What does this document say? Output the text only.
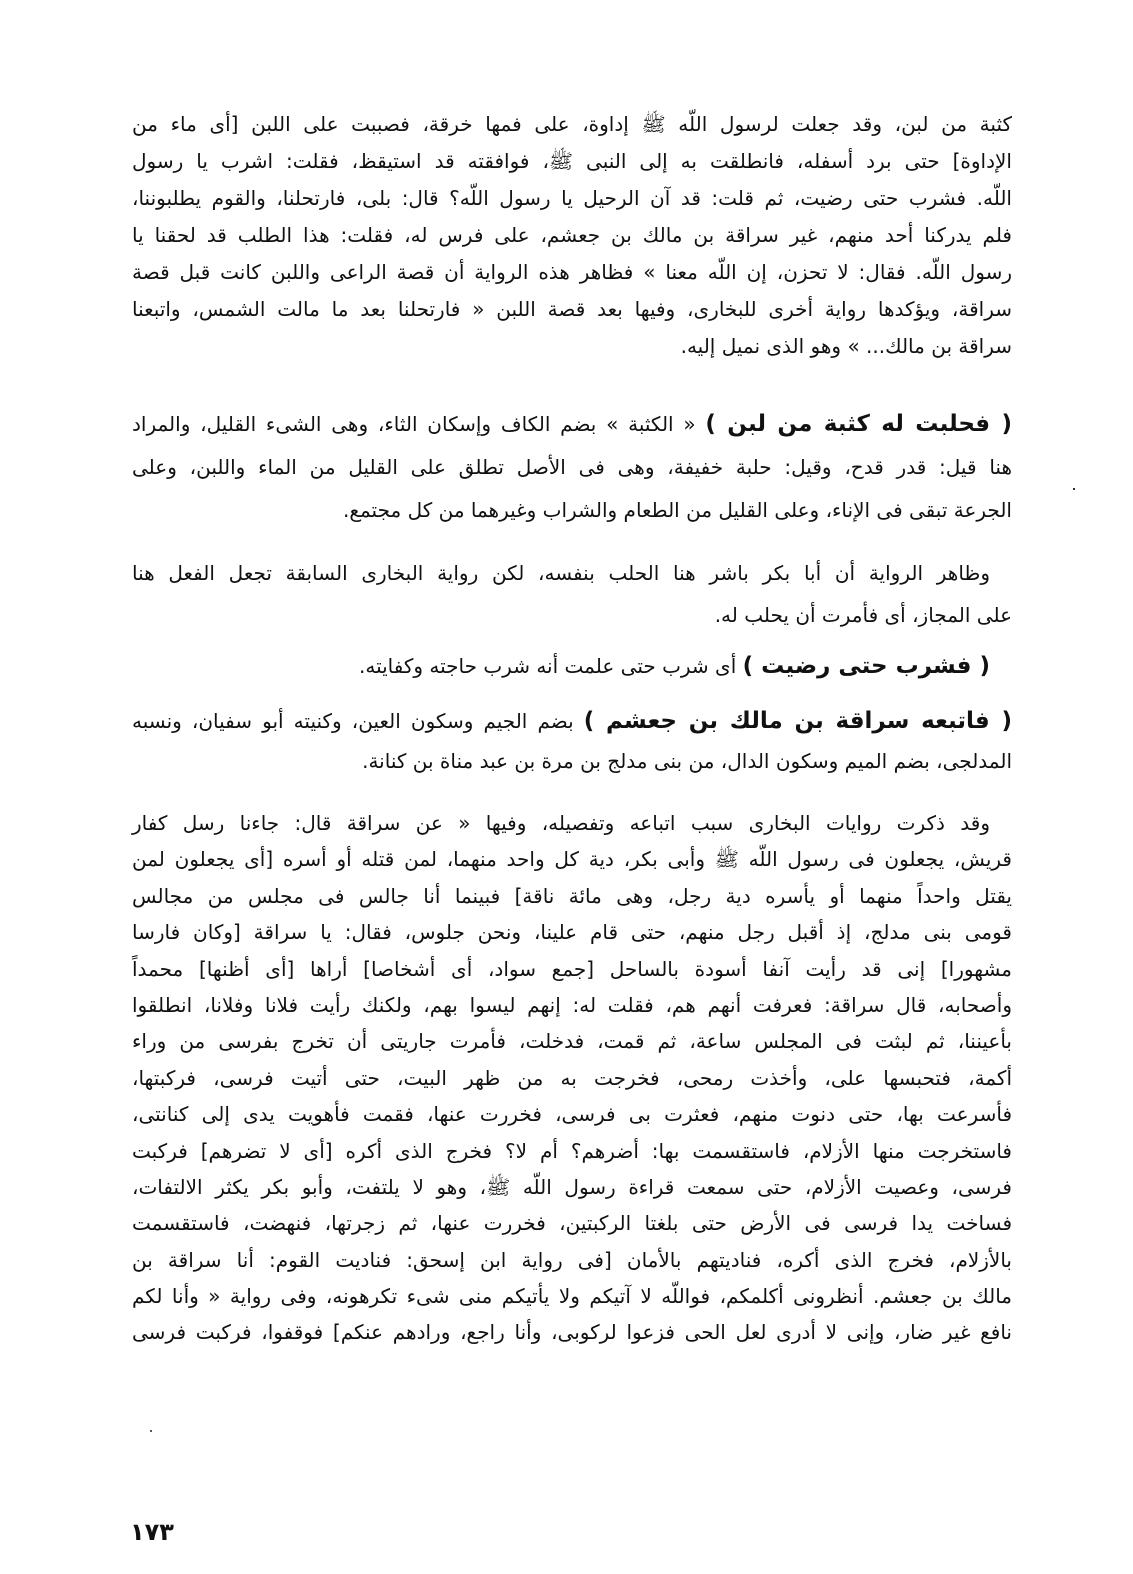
كثبة من لبن، وقد جعلت لرسول اللّه ﷺ إداوة، على فمها خرقة، فصببت على اللبن [أى ماء من
الإداوة] حتى برد أسفله، فانطلقت به إلى النبى ﷺ، فوافقته قد استيقظ، فقلت: اشرب يا رسول
اللّه. فشرب حتى رضيت، ثم قلت: قد آن الرحيل يا رسول اللّه؟ قال: بلى، فارتحلنا، والقوم يطلبوننا،
فلم يدركنا أحد منهم، غير سراقة بن مالك بن جعشم، على فرس له، فقلت: هذا الطلب قد لحقنا يا
رسول اللّه. فقال: لا تحزن، إن اللّه معنا » فظاهر هذه الرواية أن قصة الراعى واللبن كانت قبل قصة
سراقة، ويؤكدها رواية أخرى للبخارى، وفيها بعد قصة اللبن « فارتحلنا بعد ما مالت الشمس، واتبعنا
سراقة بن مالك... » وهو الذى نميل إليه.
( فحلبت له كثبة من لبن ) « الكثبة » بضم الكاف وإسكان الثاء، وهى الشىء القليل، والمراد
هنا قيل: قدر قدح، وقيل: حلبة خفيفة، وهى فى الأصل تطلق على القليل من الماء واللبن، وعلى
الجرعة تبقى فى الإناء، وعلى القليل من الطعام والشراب وغيرهما من كل مجتمع.
وظاهر الرواية أن أبا بكر باشر هنا الحلب بنفسه، لكن رواية البخارى السابقة تجعل الفعل هنا
على المجاز، أى فأمرت أن يحلب له.
( فشرب حتى رضيت ) أى شرب حتى علمت أنه شرب حاجته وكفايته.
( فاتبعه سراقة بن مالك بن جعشم ) بضم الجيم وسكون العين، وكنيته أبو سفيان، ونسبه
المدلجى، بضم الميم وسكون الدال، من بنى مدلج بن مرة بن عبد مناة بن كنانة.
وقد ذكرت روايات البخارى سبب اتباعه وتفصيله، وفيها « عن سراقة قال: جاءنا رسل كفار
قريش، يجعلون فى رسول اللّه ﷺ وأبى بكر، دية كل واحد منهما، لمن قتله أو أسره [أى يجعلون لمن
يقتل واحداً منهما أو يأسره دية رجل، وهى مائة ناقة] فبينما أنا جالس فى مجلس من مجالس
قومى بنى مدلج، إذ أقبل رجل منهم، حتى قام علينا، ونحن جلوس، فقال: يا سراقة [وكان فارسا
مشهورا] إنى قد رأيت آنفا أسودة بالساحل [جمع سواد، أى أشخاصا] أراها [أى أظنها] محمداً
وأصحابه، قال سراقة: فعرفت أنهم هم، فقلت له: إنهم ليسوا بهم، ولكنك رأيت فلانا وفلانا، انطلقوا
بأعيننا، ثم لبثت فى المجلس ساعة، ثم قمت، فدخلت، فأمرت جاريتى أن تخرج بفرسى من وراء
أكمة، فتحبسها على، وأخذت رمحى، فخرجت به من ظهر البيت، حتى أتيت فرسى، فركبتها،
فأسرعت بها، حتى دنوت منهم، فعثرت بى فرسى، فخررت عنها، فقمت فأهويت يدى إلى كنانتى،
فاستخرجت منها الأزلام، فاستقسمت بها: أضرهم؟ أم لا؟ فخرج الذى أكره [أى لا تضرهم] فركبت
فرسى، وعصيت الأزلام، حتى سمعت قراءة رسول اللّه ﷺ، وهو لا يلتفت، وأبو بكر يكثر الالتفات،
فساخت يدا فرسى فى الأرض حتى بلغتا الركبتين، فخررت عنها، ثم زجرتها، فنهضت، فاستقسمت
بالأزلام، فخرج الذى أكره، فناديتهم بالأمان [فى رواية ابن إسحق: فناديت القوم: أنا سراقة بن
مالك بن جعشم. أنظرونى أكلمكم، فواللّه لا آتيكم ولا يأتيكم منى شىء تكرهونه، وفى رواية « وأنا لكم
نافع غير ضار، وإنى لا أدرى لعل الحى فزعوا لركوبى، وأنا راجع، ورادهم عنكم] فوقفوا، فركبت فرسى
١٧٣
